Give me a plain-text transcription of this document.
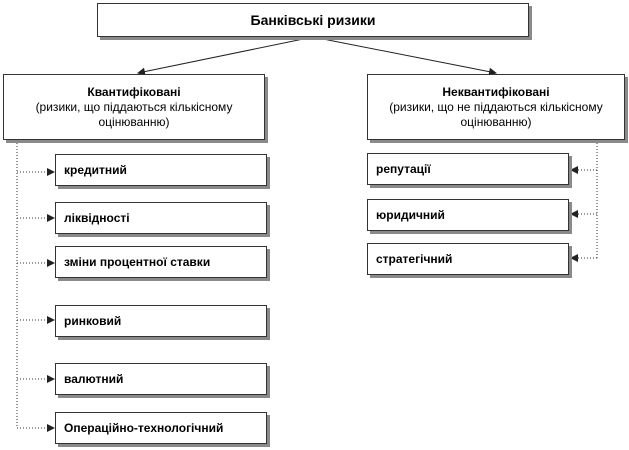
Банківські ризики
Квантифіковані
(ризики, що піддаються кількісному оцінюванню)
Неквантифіковані
(ризики, що не піддаються кількісному оцінюванню)
кредитний
ліквідності
зміни процентної ставки
ринковий
валютний
Операційно-технологічний
репутації
юридичний
стратегічний
